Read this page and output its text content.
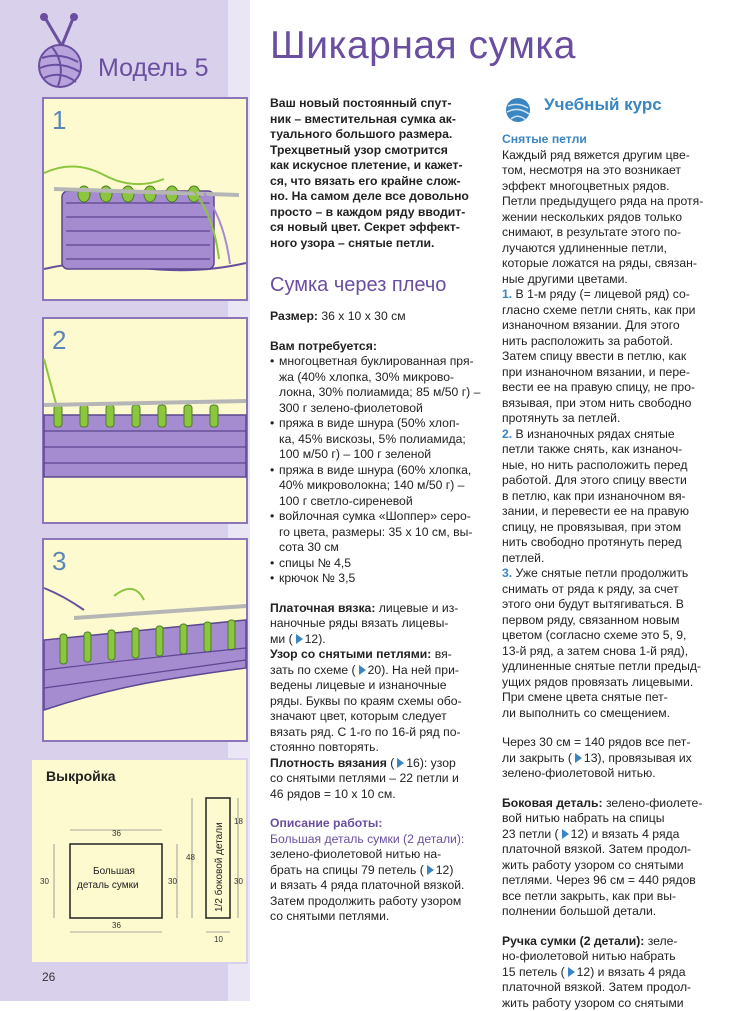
Модель 5
1
2
3
Выкройка
36
36
30	30
48
18
30
10
Большая
деталь сумки	1/2 боковой детали
26
Шикарная сумка
Ваш новый постоянный спут-
ник – вместительная сумка ак-
туального большого размера.
Трехцветный узор смотрится
как искусное плетение, и кажет-
ся, что вязать его крайне слож-
но. На самом деле все довольно
просто – в каждом ряду вводит-
ся новый цвет. Секрет эффект-
ного узора – снятые петли.
Сумка через плечо
Размер: 36 х 10 х 30 см
Вам потребуется:
• многоцветная буклированная пря-
жа (40% хлопка, 30% микрово-
локна, 30% полиамида; 85 м/50 г) –
300 г зелено-фиолетовой
• пряжа в виде шнура (50% хлоп-
ка, 45% вискозы, 5% полиамида;
100 м/50 г) – 100 г зеленой
• пряжа в виде шнура (60% хлопка,
40% микроволокна; 140 м/50 г) –
100 г светло-сиреневой
• войлочная сумка «Шоппер» серо-
го цвета, размеры: 35 х 10 см, вы-
сота 30 см
• спицы № 4,5
• крючок № 3,5
Платочная вязка: лицевые и из-
наночные ряды вязать лицевы-
ми ( 12).
Узор со снятыми петлями: вя-
зать по схеме ( 20). На ней при-
ведены лицевые и изнаночные
ряды. Буквы по краям схемы обо-
значают цвет, которым следует
вязать ряд. С 1-го по 16-й ряд по-
стоянно повторять.
Плотность вязания ( 16): узор
со снятыми петлями – 22 петли и
46 рядов = 10 х 10 см.
Описание работы:
Большая деталь сумки (2 детали):
зелено-фиолетовой нитью на-
брать на спицы 79 петель ( 12)
и вязать 4 ряда платочной вязкой.
Затем продолжить работу узором
со снятыми петлями.
Учебный курс
Снятые петли
Каждый ряд вяжется другим цве-
том, несмотря на это возникает
эффект многоцветных рядов.
Петли предыдущего ряда на протя-
жении нескольких рядов только
снимают, в результате этого по-
лучаются удлиненные петли,
которые ложатся на ряды, связан-
ные другими цветами.
1. В 1-м ряду (= лицевой ряд) со-
гласно схеме петли снять, как при
изнаночном вязании. Для этого
нить расположить за работой.
Затем спицу ввести в петлю, как
при изнаночном вязании, и пере-
вести ее на правую спицу, не про-
вязывая, при этом нить свободно
протянуть за петлей.
2. В изнаночных рядах снятые
петли также снять, как изнаноч-
ные, но нить расположить перед
работой. Для этого спицу ввести
в петлю, как при изнаночном вя-
зании, и перевести ее на правую
спицу, не провязывая, при этом
нить свободно протянуть перед
петлей.
3. Уже снятые петли продолжить
снимать от ряда к ряду, за счет
этого они будут вытягиваться. В
первом ряду, связанном новым
цветом (согласно схеме это 5, 9,
13-й ряд, а затем снова 1-й ряд),
удлиненные снятые петли предыд-
ущих рядов провязать лицевыми.
При смене цвета снятые пет-
ли выполнить со смещением.
Через 30 см = 140 рядов все пет-
ли закрыть ( 13), провязывая их
зелено-фиолетовой нитью.
Боковая деталь: зелено-фиолете-
вой нитью набрать на спицы
23 петли ( 12) и вязать 4 ряда
платочной вязкой. Затем продол-
жить работу узором со снятыми
петлями. Через 96 см = 440 рядов
все петли закрыть, как при вы-
полнении большой детали.
Ручка сумки (2 детали): зеле-
но-фиолетовой нитью набрать
15 петель ( 12) и вязать 4 ряда
платочной вязкой. Затем продол-
жить работу узором со снятыми
